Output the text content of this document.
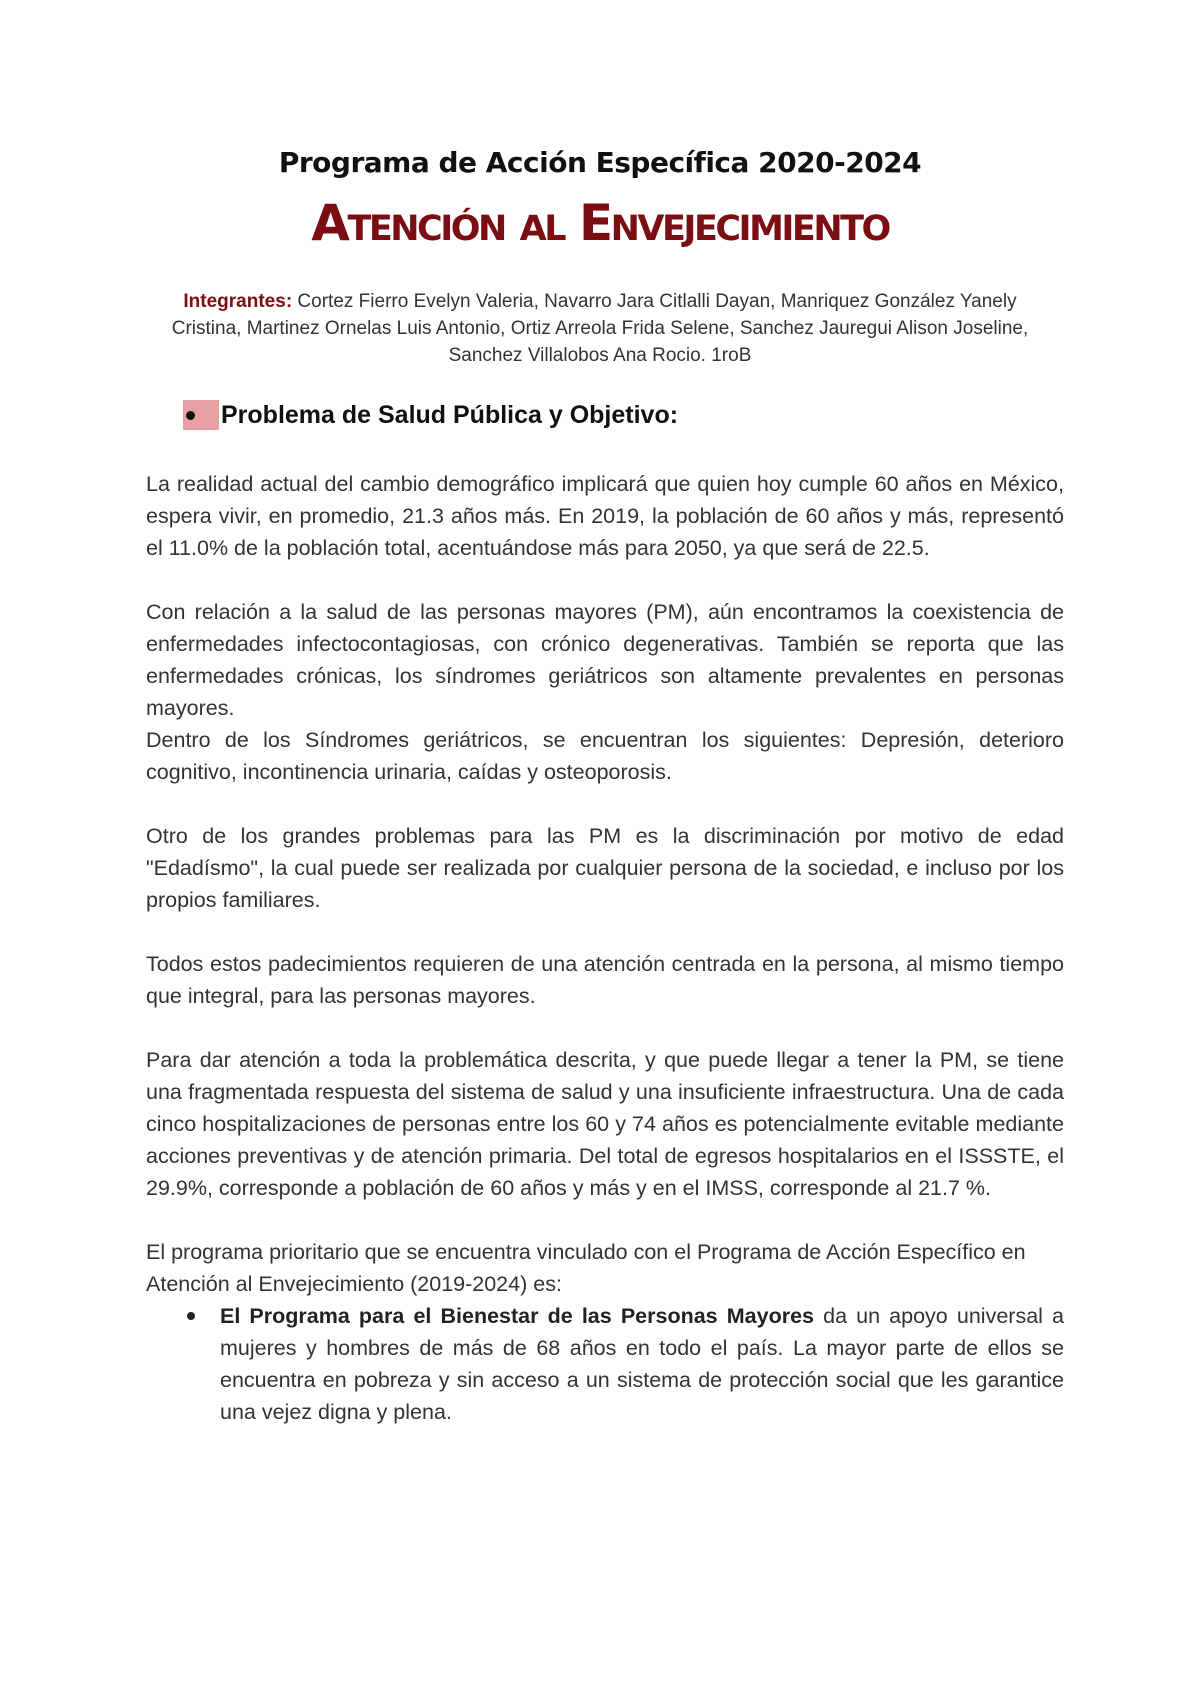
Programa de Acción Específica 2020-2024
Atención al Envejecimiento
Integrantes: Cortez Fierro Evelyn Valeria, Navarro Jara Citlalli Dayan, Manriquez González Yanely Cristina, Martinez Ornelas Luis Antonio, Ortiz Arreola Frida Selene, Sanchez Jauregui Alison Joseline, Sanchez Villalobos Ana Rocio. 1roB
Problema de Salud Pública y Objetivo:

La realidad actual del cambio demográfico implicará que quien hoy cumple 60 años en México, espera vivir, en promedio, 21.3 años más. En 2019, la población de 60 años y más, representó el 11.0% de la población total, acentuándose más para 2050, ya que será de 22.5.

Con relación a la salud de las personas mayores (PM), aún encontramos la coexistencia de enfermedades infectocontagiosas, con crónico degenerativas. También se reporta que las enfermedades crónicas, los síndromes geriátricos son altamente prevalentes en personas mayores.

Dentro de los Síndromes geriátricos, se encuentran los siguientes: Depresión, deterioro cognitivo, incontinencia urinaria, caídas y osteoporosis.

Otro de los grandes problemas para las PM es la discriminación por motivo de edad "Edadísmo", la cual puede ser realizada por cualquier persona de la sociedad, e incluso por los propios familiares.

Todos estos padecimientos requieren de una atención centrada en la persona, al mismo tiempo que integral, para las personas mayores.

Para dar atención a toda la problemática descrita, y que puede llegar a tener la PM, se tiene una fragmentada respuesta del sistema de salud y una insuficiente infraestructura. Una de cada cinco hospitalizaciones de personas entre los 60 y 74 años es potencialmente evitable mediante acciones preventivas y de atención primaria. Del total de egresos hospitalarios en el ISSSTE, el 29.9%, corresponde a población de 60 años y más y en el IMSS, corresponde al 21.7 %.

El programa prioritario que se encuentra vinculado con el Programa de Acción Específico en Atención al Envejecimiento (2019-2024) es:

El Programa para el Bienestar de las Personas Mayores da un apoyo universal a mujeres y hombres de más de 68 años en todo el país. La mayor parte de ellos se encuentra en pobreza y sin acceso a un sistema de protección social que les garantice una vejez digna y plena.
